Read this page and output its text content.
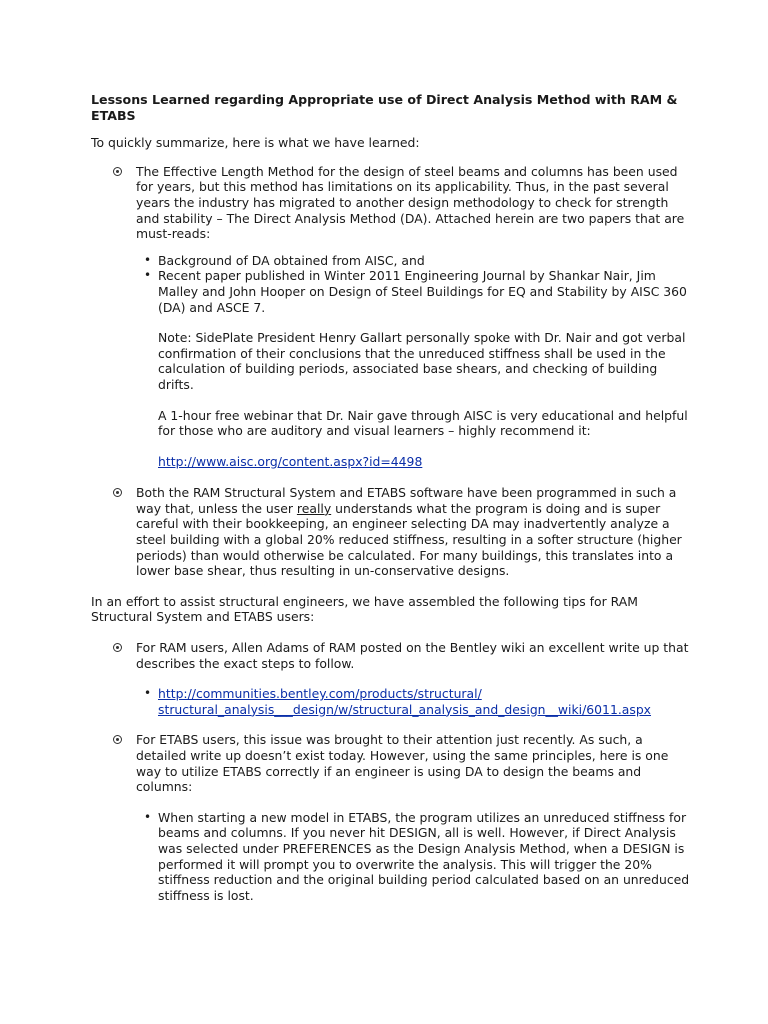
Lessons Learned regarding Appropriate use of Direct Analysis Method with RAM & ETABS

To quickly summarize, here is what we have learned:

The Effective Length Method for the design of steel beams and columns has been used for years, but this method has limitations on its applicability. Thus, in the past several years the industry has migrated to another design methodology to check for strength and stability – The Direct Analysis Method (DA). Attached herein are two papers that are must-reads:

• Background of DA obtained from AISC, and

• Recent paper published in Winter 2011 Engineering Journal by Shankar Nair, Jim Malley and John Hooper on Design of Steel Buildings for EQ and Stability by AISC 360 (DA) and ASCE 7.

Note: SidePlate President Henry Gallart personally spoke with Dr. Nair and got verbal confirmation of their conclusions that the unreduced stiffness shall be used in the calculation of building periods, associated base shears, and checking of building drifts.

A 1-hour free webinar that Dr. Nair gave through AISC is very educational and helpful for those who are auditory and visual learners – highly recommend it:

http://www.aisc.org/content.aspx?id=4498

Both the RAM Structural System and ETABS software have been programmed in such a way that, unless the user really understands what the program is doing and is super careful with their bookkeeping, an engineer selecting DA may inadvertently analyze a steel building with a global 20% reduced stiffness, resulting in a softer structure (higher periods) than would otherwise be calculated. For many buildings, this translates into a lower base shear, thus resulting in un-conservative designs.

In an effort to assist structural engineers, we have assembled the following tips for RAM Structural System and ETABS users:

For RAM users, Allen Adams of RAM posted on the Bentley wiki an excellent write up that describes the exact steps to follow.

• http://communities.bentley.com/products/structural/
structural_analysis___design/w/structural_analysis_and_design__wiki/6011.aspx

For ETABS users, this issue was brought to their attention just recently. As such, a detailed write up doesn’t exist today. However, using the same principles, here is one way to utilize ETABS correctly if an engineer is using DA to design the beams and columns:

• When starting a new model in ETABS, the program utilizes an unreduced stiffness for beams and columns. If you never hit DESIGN, all is well. However, if Direct Analysis was selected under PREFERENCES as the Design Analysis Method, when a DESIGN is performed it will prompt you to overwrite the analysis. This will trigger the 20% stiffness reduction and the original building period calculated based on an unreduced stiffness is lost.
